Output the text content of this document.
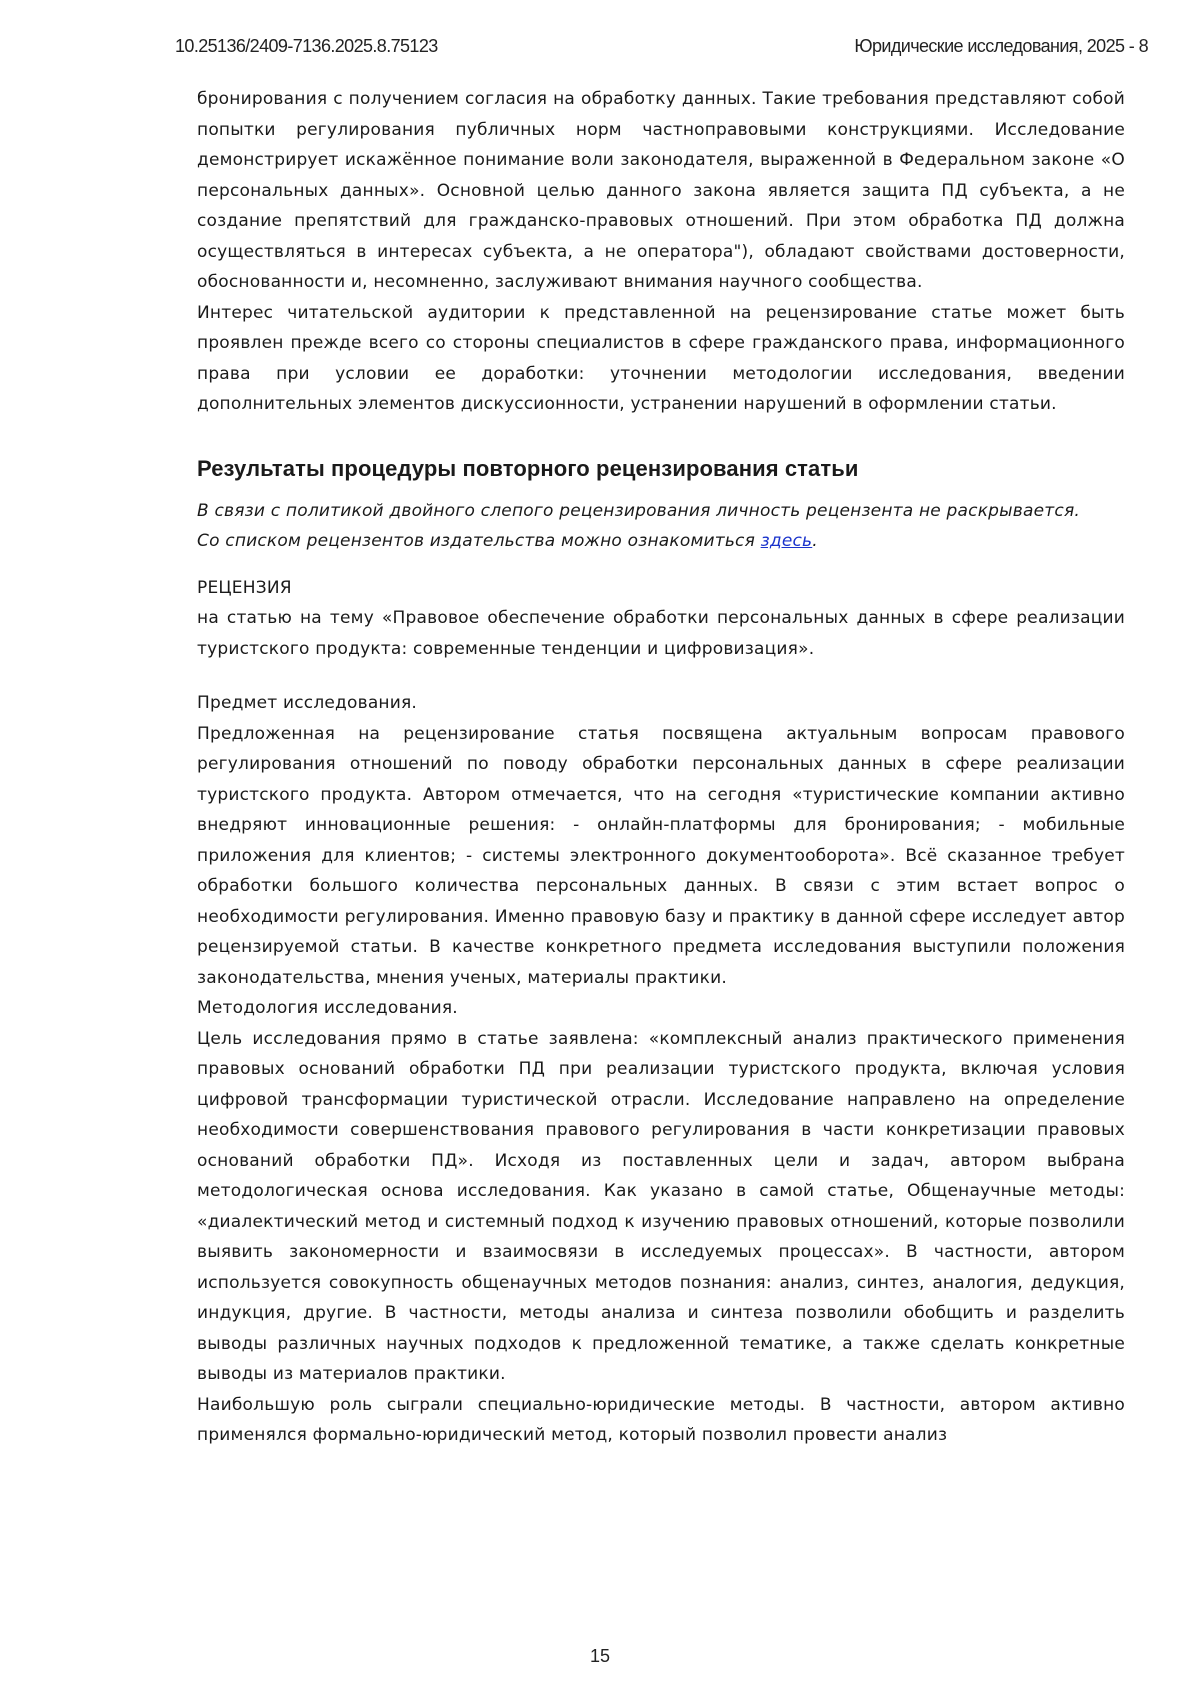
10.25136/2409-7136.2025.8.75123	Юридические исследования, 2025 - 8

бронирования с получением согласия на обработку данных. Такие требования представляют собой попытки регулирования публичных норм частноправовыми конструкциями. Исследование демонстрирует искажённое понимание воли законодателя, выраженной в Федеральном законе «О персональных данных». Основной целью данного закона является защита ПД субъекта, а не создание препятствий для гражданско-правовых отношений. При этом обработка ПД должна осуществляться в интересах субъекта, а не оператора"), обладают свойствами достоверности, обоснованности и, несомненно, заслуживают внимания научного сообщества.

Интерес читательской аудитории к представленной на рецензирование статье может быть проявлен прежде всего со стороны специалистов в сфере гражданского права, информационного права при условии ее доработки: уточнении методологии исследования, введении дополнительных элементов дискуссионности, устранении нарушений в оформлении статьи.

Результаты процедуры повторного рецензирования статьи

В связи с политикой двойного слепого рецензирования личность рецензента не раскрывается.

Со списком рецензентов издательства можно ознакомиться здесь.

РЕЦЕНЗИЯ

на статью на тему «Правовое обеспечение обработки персональных данных в сфере реализации туристского продукта: современные тенденции и цифровизация».

Предмет исследования.

Предложенная на рецензирование статья посвящена актуальным вопросам правового регулирования отношений по поводу обработки персональных данных в сфере реализации туристского продукта. Автором отмечается, что на сегодня «туристические компании активно внедряют инновационные решения: - онлайн-платформы для бронирования; - мобильные приложения для клиентов; - системы электронного документооборота». Всё сказанное требует обработки большого количества персональных данных. В связи с этим встает вопрос о необходимости регулирования. Именно правовую базу и практику в данной сфере исследует автор рецензируемой статьи. В качестве конкретного предмета исследования выступили положения законодательства, мнения ученых, материалы практики.

Методология исследования.

Цель исследования прямо в статье заявлена: «комплексный анализ практического применения правовых оснований обработки ПД при реализации туристского продукта, включая условия цифровой трансформации туристической отрасли. Исследование направлено на определение необходимости совершенствования правового регулирования в части конкретизации правовых оснований обработки ПД». Исходя из поставленных цели и задач, автором выбрана методологическая основа исследования. Как указано в самой статье, Общенаучные методы: «диалектический метод и системный подход к изучению правовых отношений, которые позволили выявить закономерности и взаимосвязи в исследуемых процессах». В частности, автором используется совокупность общенаучных методов познания: анализ, синтез, аналогия, дедукция, индукция, другие. В частности, методы анализа и синтеза позволили обобщить и разделить выводы различных научных подходов к предложенной тематике, а также сделать конкретные выводы из материалов практики.

Наибольшую роль сыграли специально-юридические методы. В частности, автором активно применялся формально-юридический метод, который позволил провести анализ

15
